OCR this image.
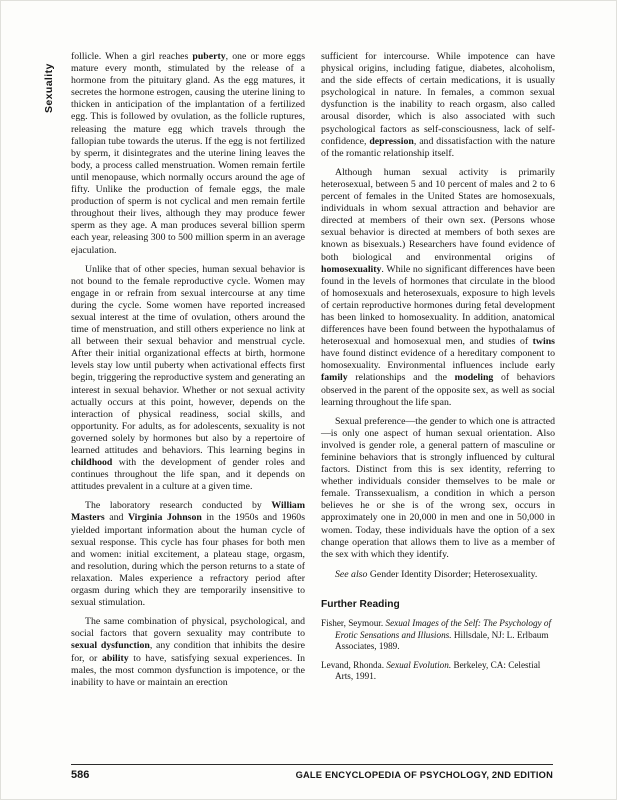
Sexuality

follicle. When a girl reaches puberty, one or more eggs mature every month, stimulated by the release of a hormone from the pituitary gland. As the egg matures, it secretes the hormone estrogen, causing the uterine lining to thicken in anticipation of the implantation of a fertilized egg. This is followed by ovulation, as the follicle ruptures, releasing the mature egg which travels through the fallopian tube towards the uterus. If the egg is not fertilized by sperm, it disintegrates and the uterine lining leaves the body, a process called menstruation. Women remain fertile until menopause, which normally occurs around the age of fifty. Unlike the production of female eggs, the male production of sperm is not cyclical and men remain fertile throughout their lives, although they may produce fewer sperm as they age. A man produces several billion sperm each year, releasing 300 to 500 million sperm in an average ejaculation.

Unlike that of other species, human sexual behavior is not bound to the female reproductive cycle. Women may engage in or refrain from sexual intercourse at any time during the cycle. Some women have reported increased sexual interest at the time of ovulation, others around the time of menstruation, and still others experience no link at all between their sexual behavior and menstrual cycle. After their initial organizational effects at birth, hormone levels stay low until puberty when activational effects first begin, triggering the reproductive system and generating an interest in sexual behavior. Whether or not sexual activity actually occurs at this point, however, depends on the interaction of physical readiness, social skills, and opportunity. For adults, as for adolescents, sexuality is not governed solely by hormones but also by a repertoire of learned attitudes and behaviors. This learning begins in childhood with the development of gender roles and continues throughout the life span, and it depends on attitudes prevalent in a culture at a given time.

The laboratory research conducted by William Masters and Virginia Johnson in the 1950s and 1960s yielded important information about the human cycle of sexual response. This cycle has four phases for both men and women: initial excitement, a plateau stage, orgasm, and resolution, during which the person returns to a state of relaxation. Males experience a refractory period after orgasm during which they are temporarily insensitive to sexual stimulation.

The same combination of physical, psychological, and social factors that govern sexuality may contribute to sexual dysfunction, any condition that inhibits the desire for, or ability to have, satisfying sexual experiences. In males, the most common dysfunction is impotence, or the inability to have or maintain an erection

sufficient for intercourse. While impotence can have physical origins, including fatigue, diabetes, alcoholism, and the side effects of certain medications, it is usually psychological in nature. In females, a common sexual dysfunction is the inability to reach orgasm, also called arousal disorder, which is also associated with such psychological factors as self-consciousness, lack of self-confidence, depression, and dissatisfaction with the nature of the romantic relationship itself.

Although human sexual activity is primarily heterosexual, between 5 and 10 percent of males and 2 to 6 percent of females in the United States are homosexuals, individuals in whom sexual attraction and behavior are directed at members of their own sex. (Persons whose sexual behavior is directed at members of both sexes are known as bisexuals.) Researchers have found evidence of both biological and environmental origins of homosexuality. While no significant differences have been found in the levels of hormones that circulate in the blood of homosexuals and heterosexuals, exposure to high levels of certain reproductive hormones during fetal development has been linked to homosexuality. In addition, anatomical differences have been found between the hypothalamus of heterosexual and homosexual men, and studies of twins have found distinct evidence of a hereditary component to homosexuality. Environmental influences include early family relationships and the modeling of behaviors observed in the parent of the opposite sex, as well as social learning throughout the life span.

Sexual preference—the gender to which one is attracted—is only one aspect of human sexual orientation. Also involved is gender role, a general pattern of masculine or feminine behaviors that is strongly influenced by cultural factors. Distinct from this is sex identity, referring to whether individuals consider themselves to be male or female. Transsexualism, a condition in which a person believes he or she is of the wrong sex, occurs in approximately one in 20,000 in men and one in 50,000 in women. Today, these individuals have the option of a sex change operation that allows them to live as a member of the sex with which they identify.

See also Gender Identity Disorder; Heterosexuality.

Further Reading

Fisher, Seymour. Sexual Images of the Self: The Psychology of Erotic Sensations and Illusions. Hillsdale, NJ: L. Erlbaum Associates, 1989.

Levand, Rhonda. Sexual Evolution. Berkeley, CA: Celestial Arts, 1991.

586	GALE ENCYCLOPEDIA OF PSYCHOLOGY, 2ND EDITION
